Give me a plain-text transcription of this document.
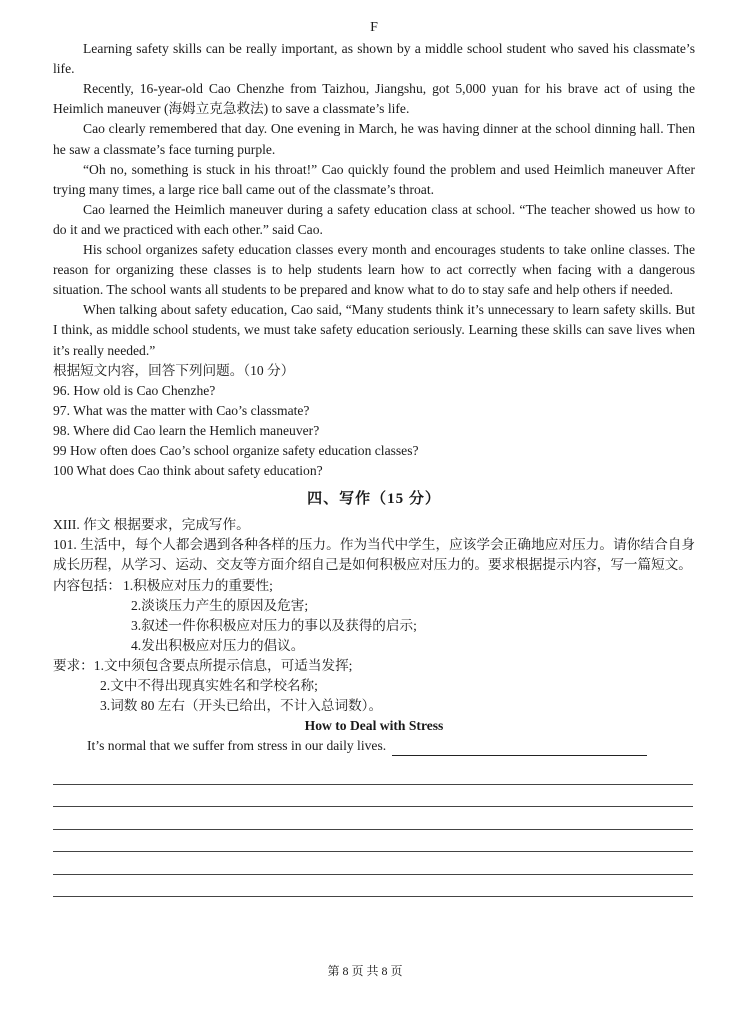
F

Learning safety skills can be really important, as shown by a middle school student who saved his classmate’s life.

Recently, 16-year-old Cao Chenzhe from Taizhou, Jiangshu, got 5,000 yuan for his brave act of using the Heimlich maneuver (海姆立克急救法) to save a classmate’s life.

Cao clearly remembered that day. One evening in March, he was having dinner at the school dinning hall. Then he saw a classmate’s face turning purple.

“Oh no, something is stuck in his throat!” Cao quickly found the problem and used Heimlich maneuver After trying many times, a large rice ball came out of the classmate’s throat.

Cao learned the Heimlich maneuver during a safety education class at school. “The teacher showed us how to do it and we practiced with each other.” said Cao.

His school organizes safety education classes every month and encourages students to take online classes. The reason for organizing these classes is to help students learn how to act correctly when facing with a dangerous situation. The school wants all students to be prepared and know what to do to stay safe and help others if needed.

When talking about safety education, Cao said, “Many students think it’s unnecessary to learn safety skills. But I think, as middle school students, we must take safety education seriously. Learning these skills can save lives when it’s really needed.”

根据短文内容，回答下列问题。（10 分）

96. How old is Cao Chenzhe?

97. What was the matter with Cao’s classmate?

98. Where did Cao learn the Hemlich maneuver?

99 How often does Cao’s school organize safety education classes?

100 What does Cao think about safety education?

四、写作（15 分）

XIII. 作文 根据要求，完成写作。

101. 生活中，每个人都会遇到各种各样的压力。作为当代中学生，应该学会正确地应对压力。请你结合自身成长历程，从学习、运动、交友等方面介绍自己是如何积极应对压力的。要求根据提示内容，写一篇短文。

内容包括： 1.积极应对压力的重要性;

2.淡谈压力产生的原因及危害;

3.叙述一件你积极应对压力的事以及获得的启示;

4.发出积极应对压力的倡议。

要求：1.文中须包含要点所提示信息，可适当发挥;

2.文中不得出现真实姓名和学校名称;

3.词数 80 左右（开头已给出，不计入总词数）。

How to Deal with Stress

It’s normal that we suffer from stress in our daily lives.
第 8 页 共 8 页
